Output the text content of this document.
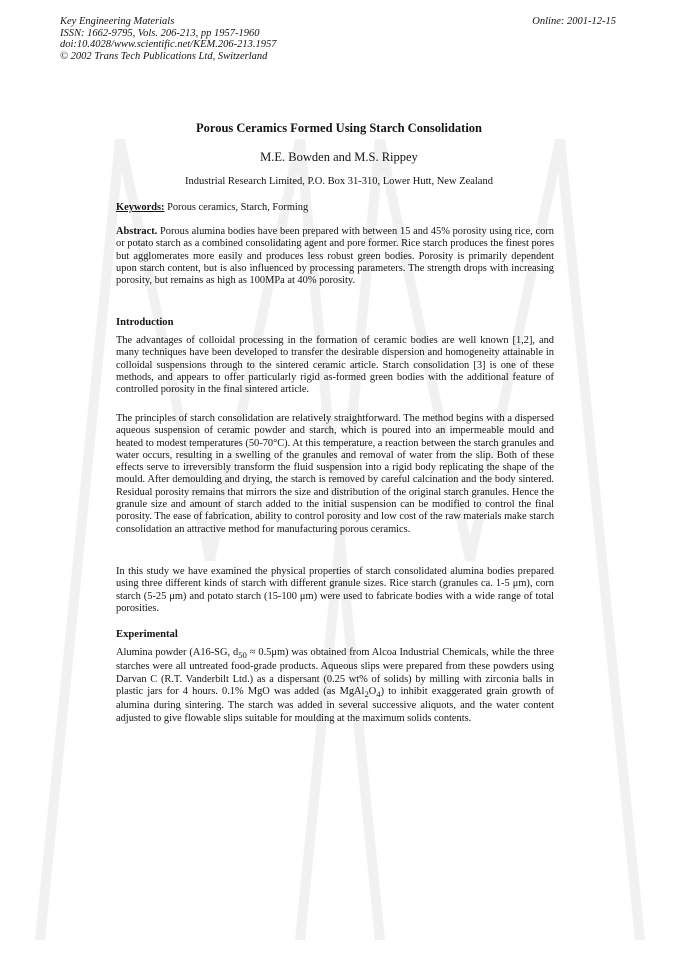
Key Engineering Materials
ISSN: 1662-9795, Vols. 206-213, pp 1957-1960
doi:10.4028/www.scientific.net/KEM.206-213.1957
© 2002 Trans Tech Publications Ltd, Switzerland
Online: 2001-12-15
Porous Ceramics Formed Using Starch Consolidation
M.E. Bowden and M.S. Rippey
Industrial Research Limited, P.O. Box 31-310, Lower Hutt, New Zealand
Keywords: Porous ceramics, Starch, Forming

Abstract. Porous alumina bodies have been prepared with between 15 and 45% porosity using rice, corn or potato starch as a combined consolidating agent and pore former. Rice starch produces the finest pores but agglomerates more easily and produces less robust green bodies. Porosity is primarily dependent upon starch content, but is also influenced by processing parameters. The strength drops with increasing porosity, but remains as high as 100MPa at 40% porosity.

Introduction
The advantages of colloidal processing in the formation of ceramic bodies are well known [1,2], and many techniques have been developed to transfer the desirable dispersion and homogeneity attainable in colloidal suspensions through to the sintered ceramic article. Starch consolidation [3] is one of these methods, and appears to offer particularly rigid as-formed green bodies with the additional feature of controlled porosity in the final sintered article.
The principles of starch consolidation are relatively straightforward. The method begins with a dispersed aqueous suspension of ceramic powder and starch, which is poured into an impermeable mould and heated to modest temperatures (50-70°C). At this temperature, a reaction between the starch granules and water occurs, resulting in a swelling of the granules and removal of water from the slip. Both of these effects serve to irreversibly transform the fluid suspension into a rigid body replicating the shape of the mould. After demoulding and drying, the starch is removed by careful calcination and the body sintered. Residual porosity remains that mirrors the size and distribution of the original starch granules. Hence the granule size and amount of starch added to the initial suspension can be modified to control the final porosity. The ease of fabrication, ability to control porosity and low cost of the raw materials make starch consolidation an attractive method for manufacturing porous ceramics.
In this study we have examined the physical properties of starch consolidated alumina bodies prepared using three different kinds of starch with different granule sizes. Rice starch (granules ca. 1-5 μm), corn starch (5-25 μm) and potato starch (15-100 μm) were used to fabricate bodies with a wide range of total porosities.
Experimental
Alumina powder (A16-SG, $d_{50} \approx 0.5\mu m$) was obtained from Alcoa Industrial Chemicals, while the three starches were all untreated food-grade products. Aqueous slips were prepared from these powders using Darvan C (R.T. Vanderbilt Ltd.) as a dispersant (0.25 wt% of solids) by milling with zirconia balls in plastic jars for 4 hours. 0.1% MgO was added (as $MgAl_2O_4$) to inhibit exaggerated grain growth of alumina during sintering. The starch was added in several successive aliquots, and the water content adjusted to give flowable slips suitable for moulding at the maximum solids contents.
